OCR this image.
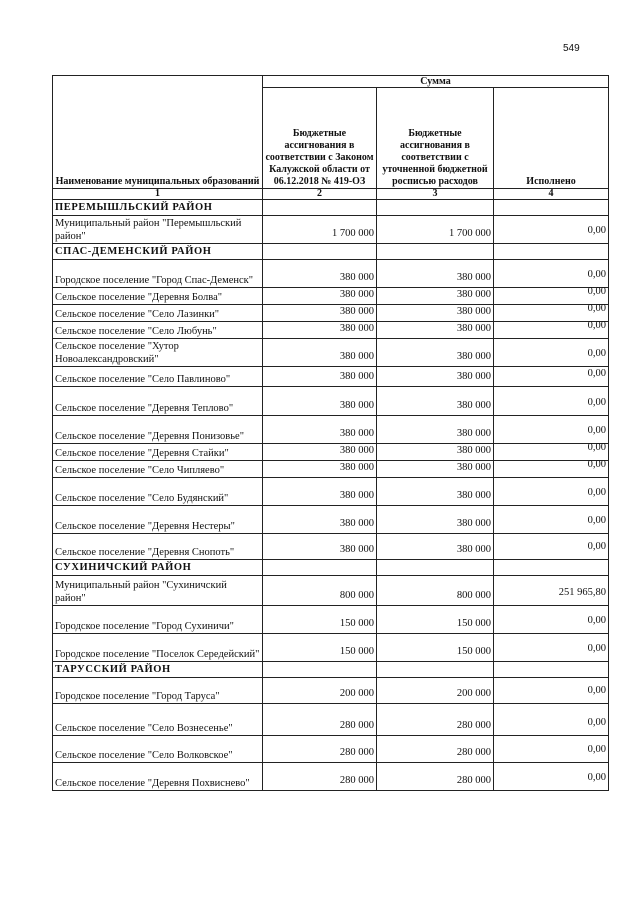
549
Наименование муниципальных образований	Сумма		
	Бюджетные ассигнования в соответствии с Законом Калужской области от 06.12.2018 № 419-ОЗ	Бюджетные ассигнования в соответствии с уточненной бюджетной росписью расходов	Исполнено
1	2	3	4
ПЕРЕМЫШЛЬСКИЙ РАЙОН			
Муниципальный район "Перемышльский район"	1 700 000	1 700 000	0,00
СПАС-ДЕМЕНСКИЙ РАЙОН			
Городское поселение "Город Спас-Деменск"	380 000	380 000	0,00
Сельское поселение "Деревня Болва"	380 000	380 000	0,00
Сельское поселение "Село Лазинки"	380 000	380 000	0,00
Сельское поселение "Село Любунь"	380 000	380 000	0,00
Сельское поселение "Хутор Новоалександровский"	380 000	380 000	0,00
Сельское поселение "Село Павлиново"	380 000	380 000	0,00
Сельское поселение "Деревня Теплово"	380 000	380 000	0,00
Сельское поселение "Деревня Понизовье"	380 000	380 000	0,00
Сельское поселение "Деревня Стайки"	380 000	380 000	0,00
Сельское поселение "Село Чипляево"	380 000	380 000	0,00
Сельское поселение "Село Будянский"	380 000	380 000	0,00
Сельское поселение "Деревня Нестеры"	380 000	380 000	0,00
Сельское поселение "Деревня Снопоть"	380 000	380 000	0,00
СУХИНИЧСКИЙ РАЙОН			
Муниципальный район "Сухиничский район"	800 000	800 000	251 965,80
Городское поселение "Город Сухиничи"	150 000	150 000	0,00
Городское поселение "Поселок Середейский"	150 000	150 000	0,00
ТАРУССКИЙ РАЙОН			
Городское поселение "Город Таруса"	200 000	200 000	0,00
Сельское поселение "Село Вознесенье"	280 000	280 000	0,00
Сельское поселение "Село Волковское"	280 000	280 000	0,00
Сельское поселение "Деревня Похвиснево"	280 000	280 000	0,00
